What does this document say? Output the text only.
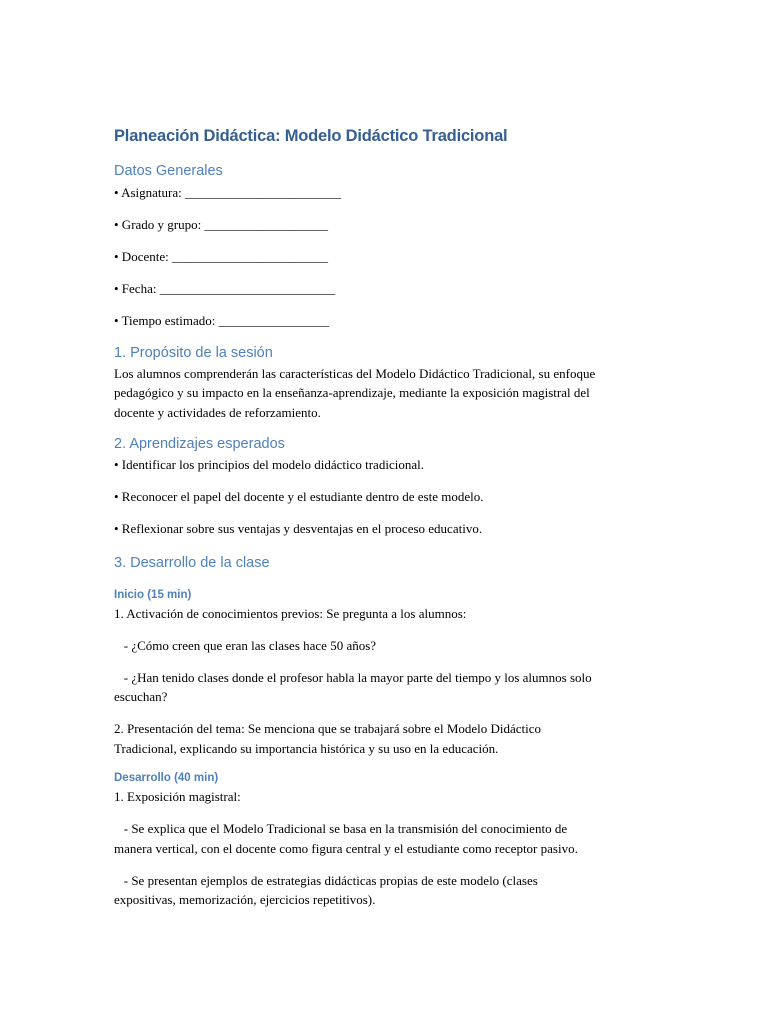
Planeación Didáctica: Modelo Didáctico Tradicional
Datos Generales

• Asignatura: ________________________

• Grado y grupo: ___________________

• Docente: ________________________

• Fecha: ___________________________

• Tiempo estimado: _________________

1. Propósito de la sesión

Los alumnos comprenderán las características del Modelo Didáctico Tradicional, su enfoque
pedagógico y su impacto en la enseñanza-aprendizaje, mediante la exposición magistral del
docente y actividades de reforzamiento.

2. Aprendizajes esperados

• Identificar los principios del modelo didáctico tradicional.

• Reconocer el papel del docente y el estudiante dentro de este modelo.

• Reflexionar sobre sus ventajas y desventajas en el proceso educativo.

3. Desarrollo de la clase
Inicio (15 min)

1. Activación de conocimientos previos: Se pregunta a los alumnos:

- ¿Cómo creen que eran las clases hace 50 años?

- ¿Han tenido clases donde el profesor habla la mayor parte del tiempo y los alumnos solo
escuchan?

2. Presentación del tema: Se menciona que se trabajará sobre el Modelo Didáctico
Tradicional, explicando su importancia histórica y su uso en la educación.

Desarrollo (40 min)

1. Exposición magistral:

- Se explica que el Modelo Tradicional se basa en la transmisión del conocimiento de
manera vertical, con el docente como figura central y el estudiante como receptor pasivo.

- Se presentan ejemplos de estrategias didácticas propias de este modelo (clases
expositivas, memorización, ejercicios repetitivos).
